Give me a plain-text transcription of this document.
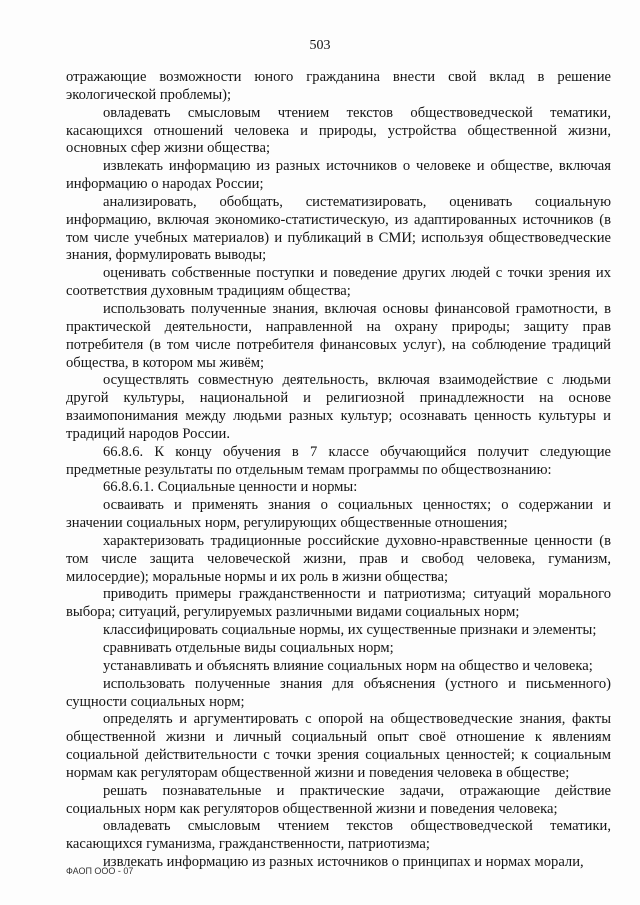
503

отражающие возможности юного гражданина внести свой вклад в решение экологической проблемы);

овладевать смысловым чтением текстов обществоведческой тематики, касающихся отношений человека и природы, устройства общественной жизни, основных сфер жизни общества;

извлекать информацию из разных источников о человеке и обществе, включая информацию о народах России;

анализировать, обобщать, систематизировать, оценивать социальную информацию, включая экономико-статистическую, из адаптированных источников (в том числе учебных материалов) и публикаций в СМИ; используя обществоведческие знания, формулировать выводы;

оценивать собственные поступки и поведение других людей с точки зрения их соответствия духовным традициям общества;

использовать полученные знания, включая основы финансовой грамотности, в практической деятельности, направленной на охрану природы; защиту прав потребителя (в том числе потребителя финансовых услуг), на соблюдение традиций общества, в котором мы живём;

осуществлять совместную деятельность, включая взаимодействие с людьми другой культуры, национальной и религиозной принадлежности на основе взаимопонимания между людьми разных культур; осознавать ценность культуры и традиций народов России.

66.8.6. К концу обучения в 7 классе обучающийся получит следующие предметные результаты по отдельным темам программы по обществознанию:

66.8.6.1. Социальные ценности и нормы:

осваивать и применять знания о социальных ценностях; о содержании и значении социальных норм, регулирующих общественные отношения;

характеризовать традиционные российские духовно-нравственные ценности (в том числе защита человеческой жизни, прав и свобод человека, гуманизм, милосердие); моральные нормы и их роль в жизни общества;

приводить примеры гражданственности и патриотизма; ситуаций морального выбора; ситуаций, регулируемых различными видами социальных норм;

классифицировать социальные нормы, их существенные признаки и элементы;

сравнивать отдельные виды социальных норм;

устанавливать и объяснять влияние социальных норм на общество и человека;

использовать полученные знания для объяснения (устного и письменного) сущности социальных норм;

определять и аргументировать с опорой на обществоведческие знания, факты общественной жизни и личный социальный опыт своё отношение к явлениям социальной действительности с точки зрения социальных ценностей; к социальным нормам как регуляторам общественной жизни и поведения человека в обществе;

решать познавательные и практические задачи, отражающие действие социальных норм как регуляторов общественной жизни и поведения человека;

овладевать смысловым чтением текстов обществоведческой тематики, касающихся гуманизма, гражданственности, патриотизма;

извлекать информацию из разных источников о принципах и нормах морали,

ФАОП ООО - 07
